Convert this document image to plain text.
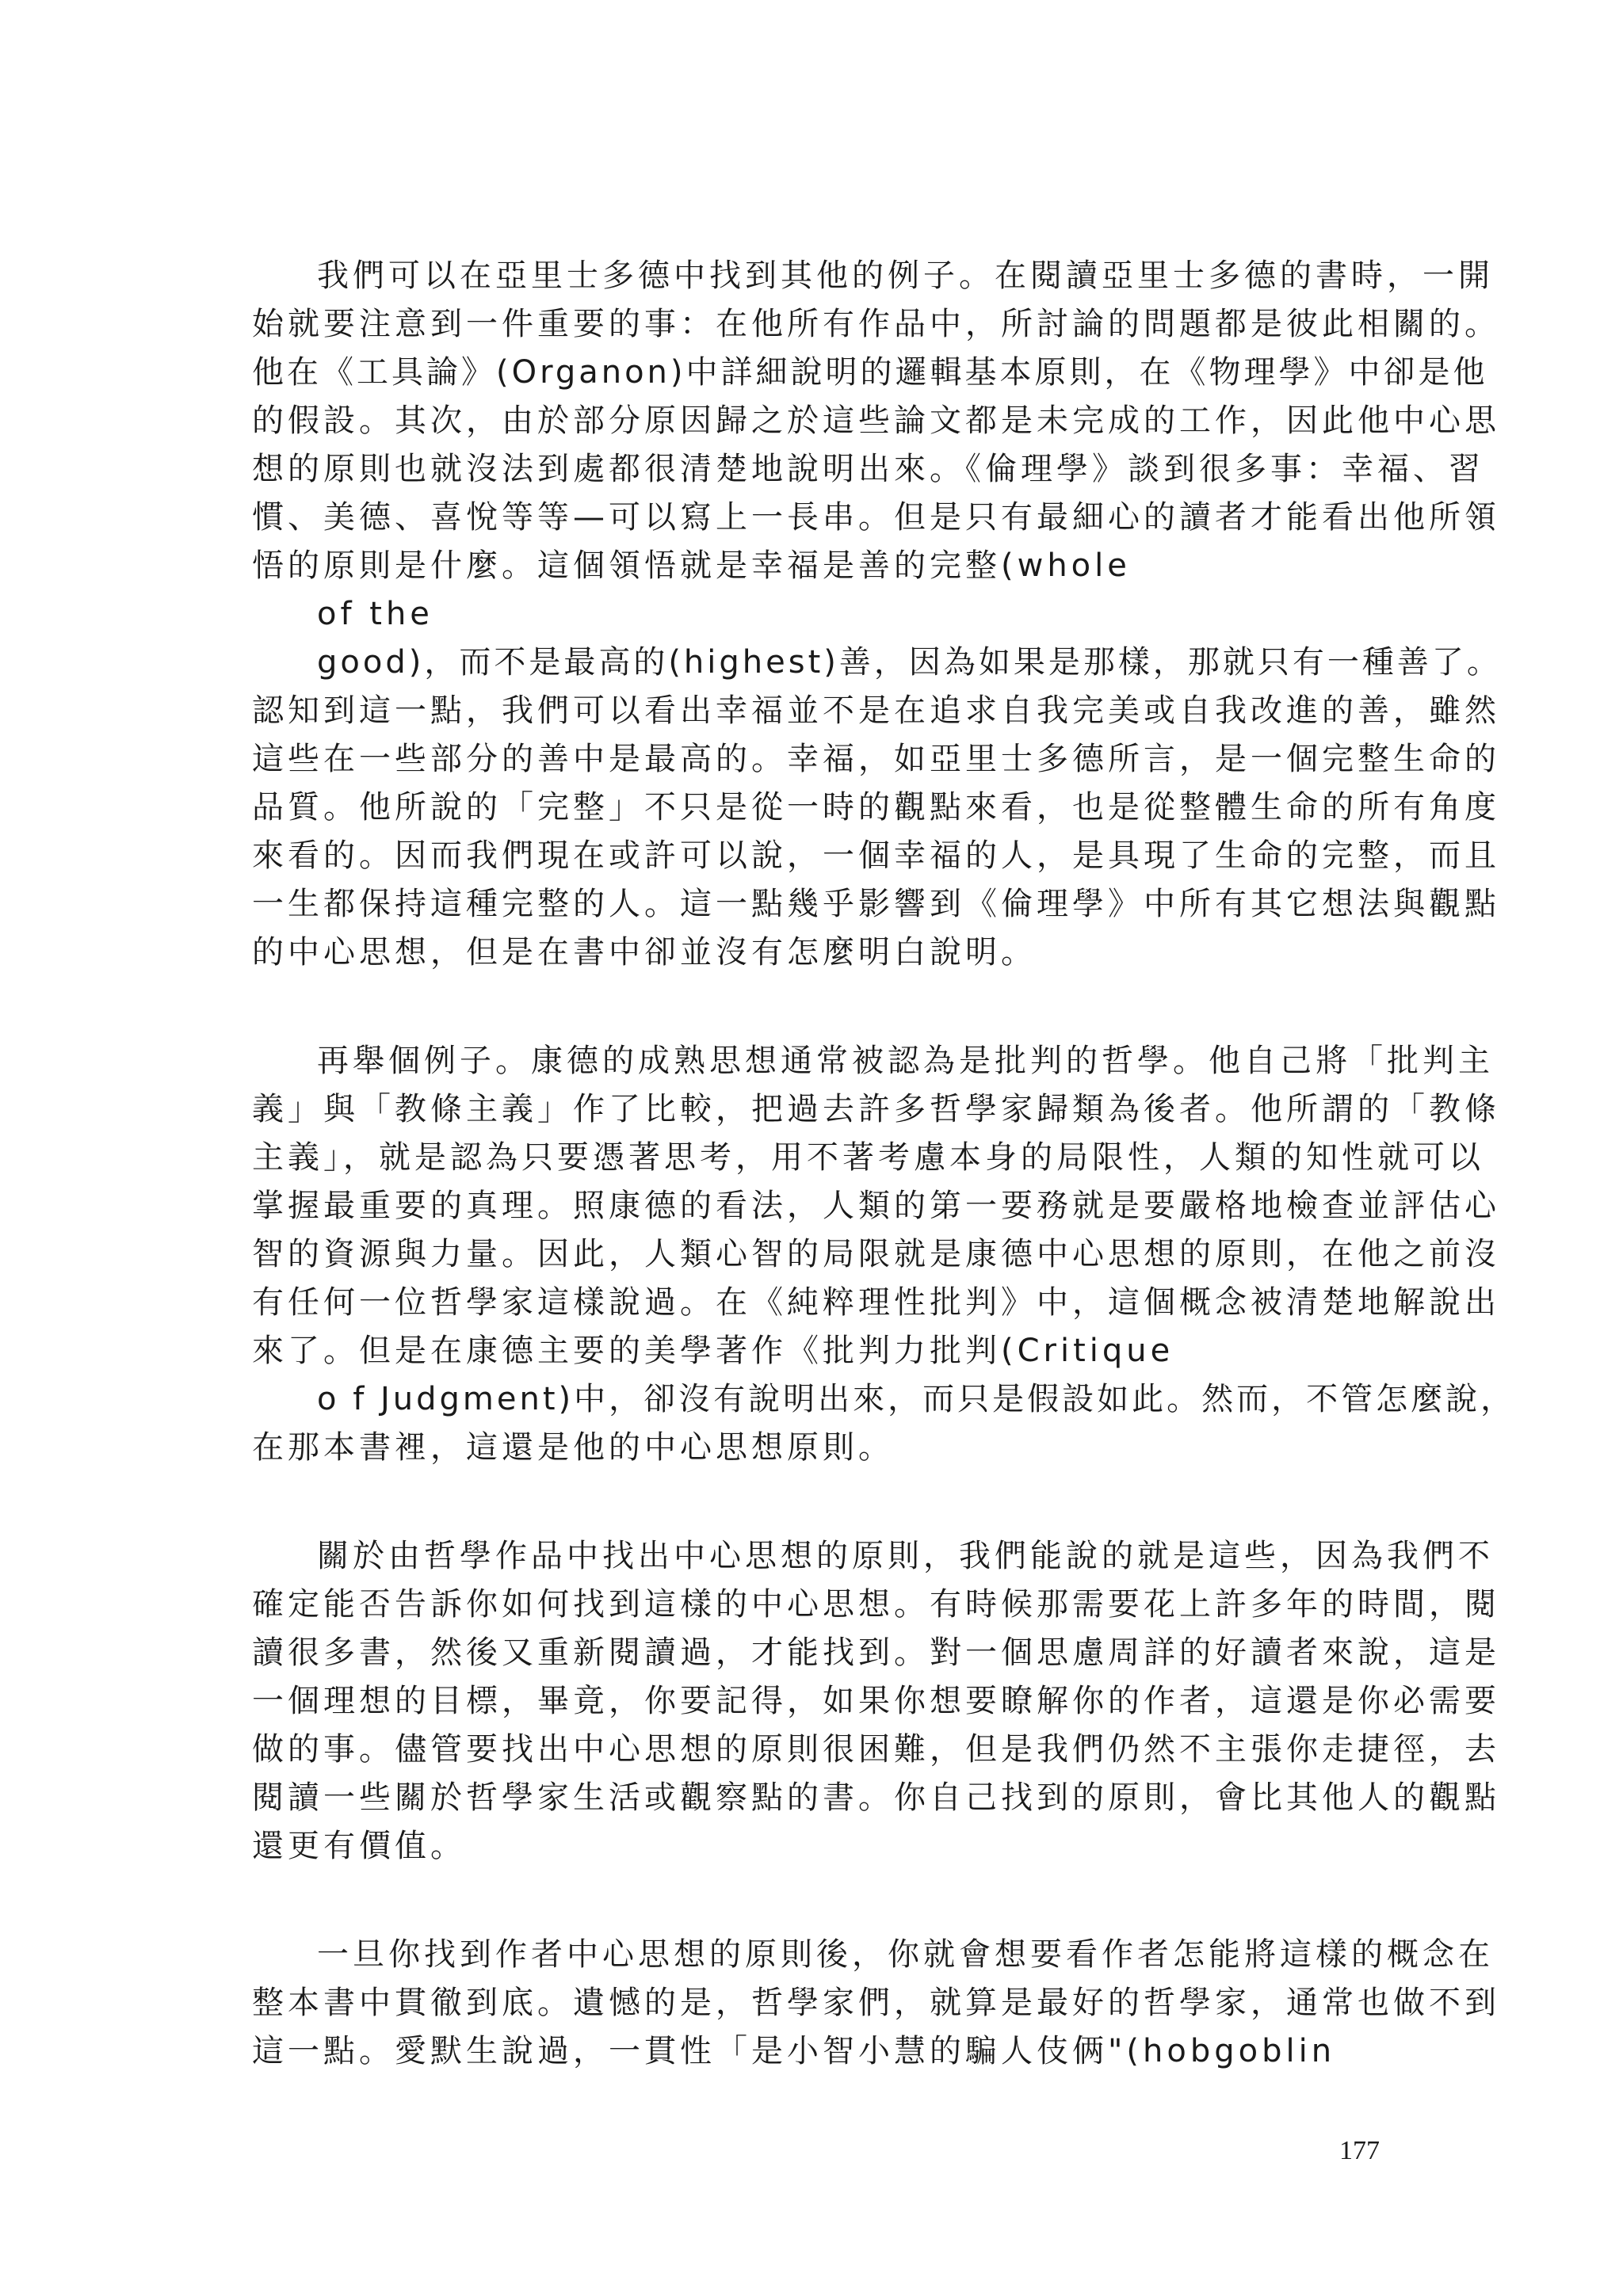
我們可以在亞里士多德中找到其他的例子。在閱讀亞里士多德的書時，一開
始就要注意到一件重要的事：在他所有作品中，所討論的問題都是彼此相關的。
他在《工具論》(Organon)中詳細說明的邏輯基本原則，在《物理學》中卻是他
的假設。其次，由於部分原因歸之於這些論文都是未完成的工作，因此他中心思
想的原則也就沒法到處都很清楚地說明出來。《倫理學》談到很多事：幸福、習
慣、美德、喜悅等等—可以寫上一長串。但是只有最細心的讀者才能看出他所領
悟的原則是什麼。這個領悟就是幸福是善的完整(whole
of the
good)，而不是最高的(highest)善，因為如果是那樣，那就只有一種善了。
認知到這一點，我們可以看出幸福並不是在追求自我完美或自我改進的善，雖然
這些在一些部分的善中是最高的。幸福，如亞里士多德所言，是一個完整生命的
品質。他所說的「完整」不只是從一時的觀點來看，也是從整體生命的所有角度
來看的。因而我們現在或許可以說，一個幸福的人，是具現了生命的完整，而且
一生都保持這種完整的人。這一點幾乎影響到《倫理學》中所有其它想法與觀點
的中心思想，但是在書中卻並沒有怎麼明白說明。
再舉個例子。康德的成熟思想通常被認為是批判的哲學。他自己將「批判主
義」與「教條主義」作了比較，把過去許多哲學家歸類為後者。他所謂的「教條
主義」，就是認為只要憑著思考，用不著考慮本身的局限性，人類的知性就可以
掌握最重要的真理。照康德的看法，人類的第一要務就是要嚴格地檢查並評估心
智的資源與力量。因此，人類心智的局限就是康德中心思想的原則，在他之前沒
有任何一位哲學家這樣說過。在《純粹理性批判》中，這個概念被清楚地解說出
來了。但是在康德主要的美學著作《批判力批判(Critique
o f Judgment)中，卻沒有說明出來，而只是假設如此。然而，不管怎麼說，
在那本書裡，這還是他的中心思想原則。
關於由哲學作品中找出中心思想的原則，我們能說的就是這些，因為我們不
確定能否告訴你如何找到這樣的中心思想。有時候那需要花上許多年的時間，閱
讀很多書，然後又重新閱讀過，才能找到。對一個思慮周詳的好讀者來說，這是
一個理想的目標，畢竟，你要記得，如果你想要瞭解你的作者，這還是你必需要
做的事。儘管要找出中心思想的原則很困難，但是我們仍然不主張你走捷徑，去
閱讀一些關於哲學家生活或觀察點的書。你自己找到的原則，會比其他人的觀點
還更有價值。
一旦你找到作者中心思想的原則後，你就會想要看作者怎能將這樣的概念在
整本書中貫徹到底。遺憾的是，哲學家們，就算是最好的哲學家，通常也做不到
這一點。愛默生說過，一貫性「是小智小慧的騙人伎俩"(hobgoblin
177
